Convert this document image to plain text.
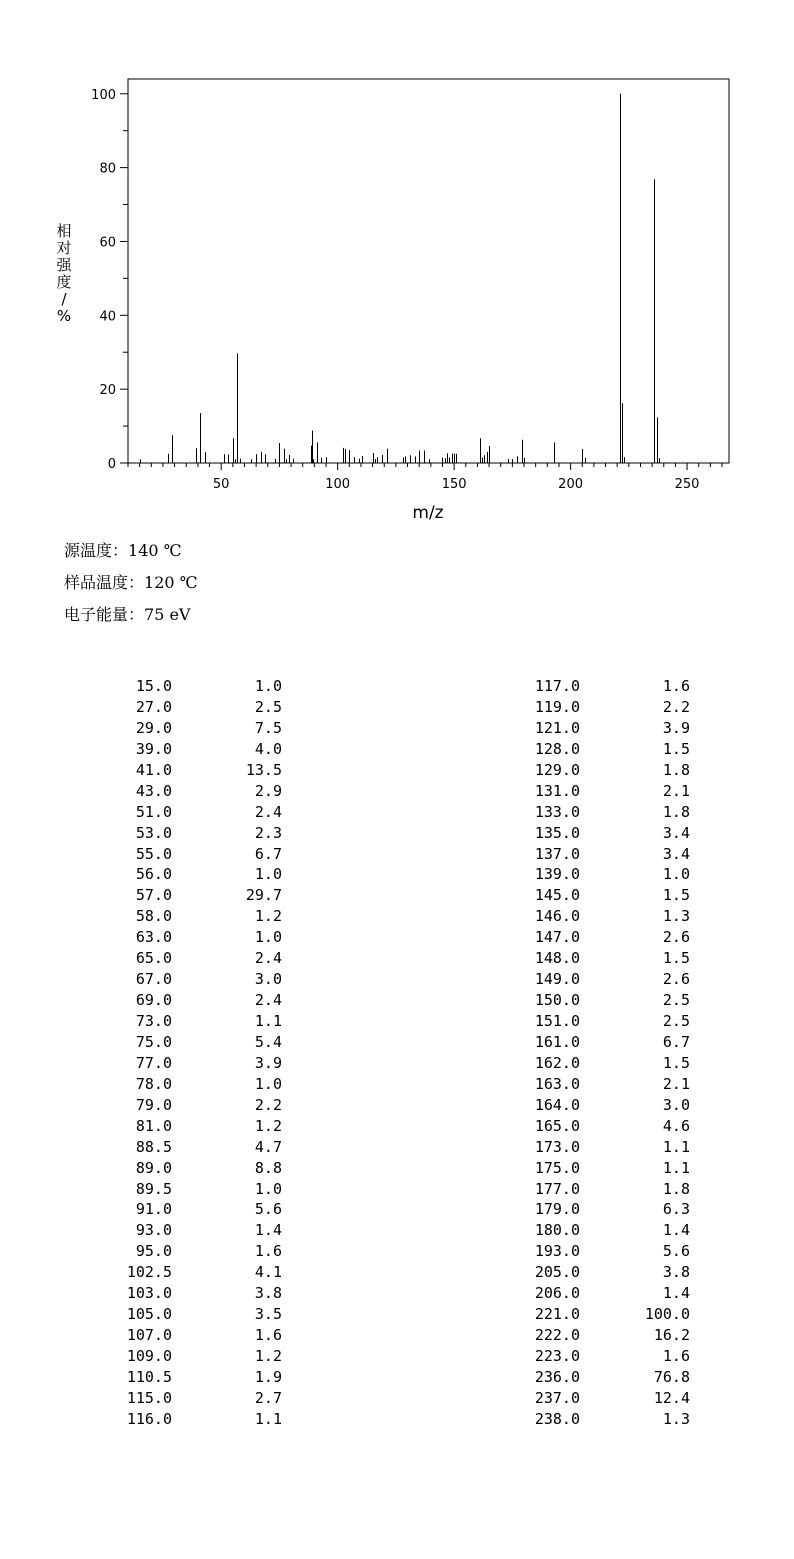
0
20
40
60
80
100
50	100	150	200	250
m/z
相对强度/ %
源温度：140 ℃
样品温度：120 ℃
电子能量：75 eV
15.0	1.0
27.0	2.5
29.0	7.5
39.0	4.0
41.0	13.5
43.0	2.9
51.0	2.4
53.0	2.3
55.0	6.7
56.0	1.0
57.0	29.7
58.0	1.2
63.0	1.0
65.0	2.4
67.0	3.0
69.0	2.4
73.0	1.1
75.0	5.4
77.0	3.9
78.0	1.0
79.0	2.2
81.0	1.2
88.5	4.7
89.0	8.8
89.5	1.0
91.0	5.6
93.0	1.4
95.0	1.6
102.5	4.1
103.0	3.8
105.0	3.5
107.0	1.6
109.0	1.2
110.5	1.9
115.0	2.7
116.0	1.1
117.0	1.6
119.0	2.2
121.0	3.9
128.0	1.5
129.0	1.8
131.0	2.1
133.0	1.8
135.0	3.4
137.0	3.4
139.0	1.0
145.0	1.5
146.0	1.3
147.0	2.6
148.0	1.5
149.0	2.6
150.0	2.5
151.0	2.5
161.0	6.7
162.0	1.5
163.0	2.1
164.0	3.0
165.0	4.6
173.0	1.1
175.0	1.1
177.0	1.8
179.0	6.3
180.0	1.4
193.0	5.6
205.0	3.8
206.0	1.4
221.0	100.0
222.0	16.2
223.0	1.6
236.0	76.8
237.0	12.4
238.0	1.3
